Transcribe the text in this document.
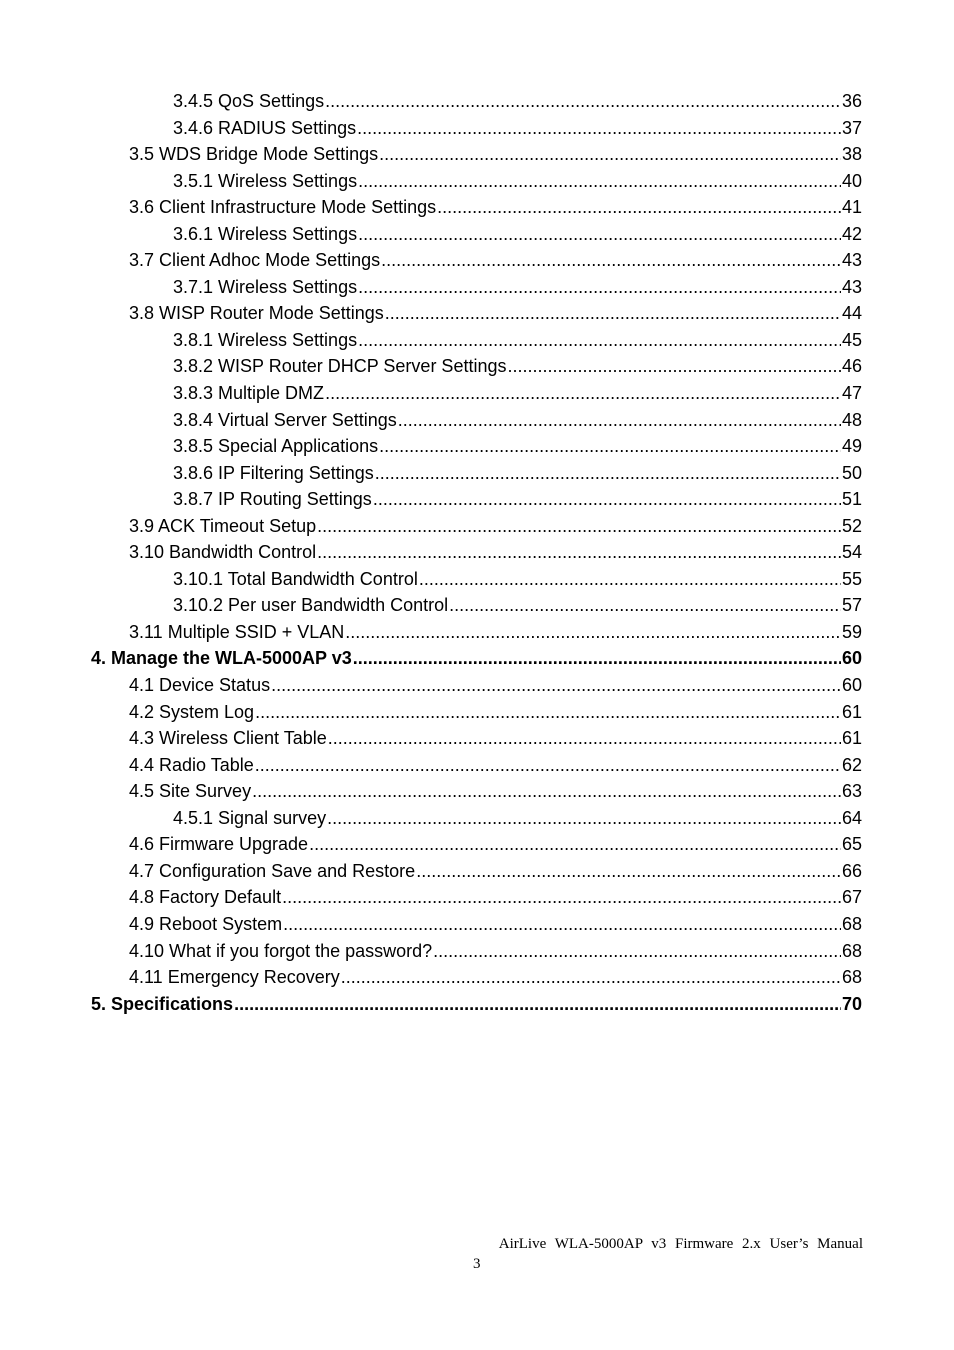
3.4.5 QoS Settings .....	36
3.4.6 RADIUS Settings .....	37
3.5 WDS Bridge Mode Settings .....	38
3.5.1 Wireless Settings .....	40
3.6 Client Infrastructure Mode Settings .....	41
3.6.1 Wireless Settings .....	42
3.7 Client Adhoc Mode Settings .....	43
3.7.1 Wireless Settings .....	43
3.8 WISP Router Mode Settings .....	44
3.8.1 Wireless Settings .....	45
3.8.2 WISP Router DHCP Server Settings .....	46
3.8.3 Multiple DMZ .....	47
3.8.4 Virtual Server Settings .....	48
3.8.5 Special Applications .....	49
3.8.6 IP Filtering Settings .....	50
3.8.7 IP Routing Settings .....	51
3.9 ACK Timeout Setup .....	52
3.10 Bandwidth Control .....	54
3.10.1 Total Bandwidth Control .....	55
3.10.2 Per user Bandwidth Control .....	57
3.11 Multiple SSID + VLAN .....	59
4. Manage the WLA-5000AP v3 .....	60
4.1 Device Status .....	60
4.2 System Log .....	61
4.3 Wireless Client Table .....	61
4.4 Radio Table .....	62
4.5 Site Survey .....	63
4.5.1 Signal survey .....	64
4.6 Firmware Upgrade .....	65
4.7 Configuration Save and Restore .....	66
4.8 Factory Default .....	67
4.9 Reboot System .....	68
4.10 What if you forgot the password? .....	68
4.11 Emergency Recovery .....	68
5. Specifications .....	70
AirLive WLA-5000AP v3 Firmware 2.x User’s Manual
3
